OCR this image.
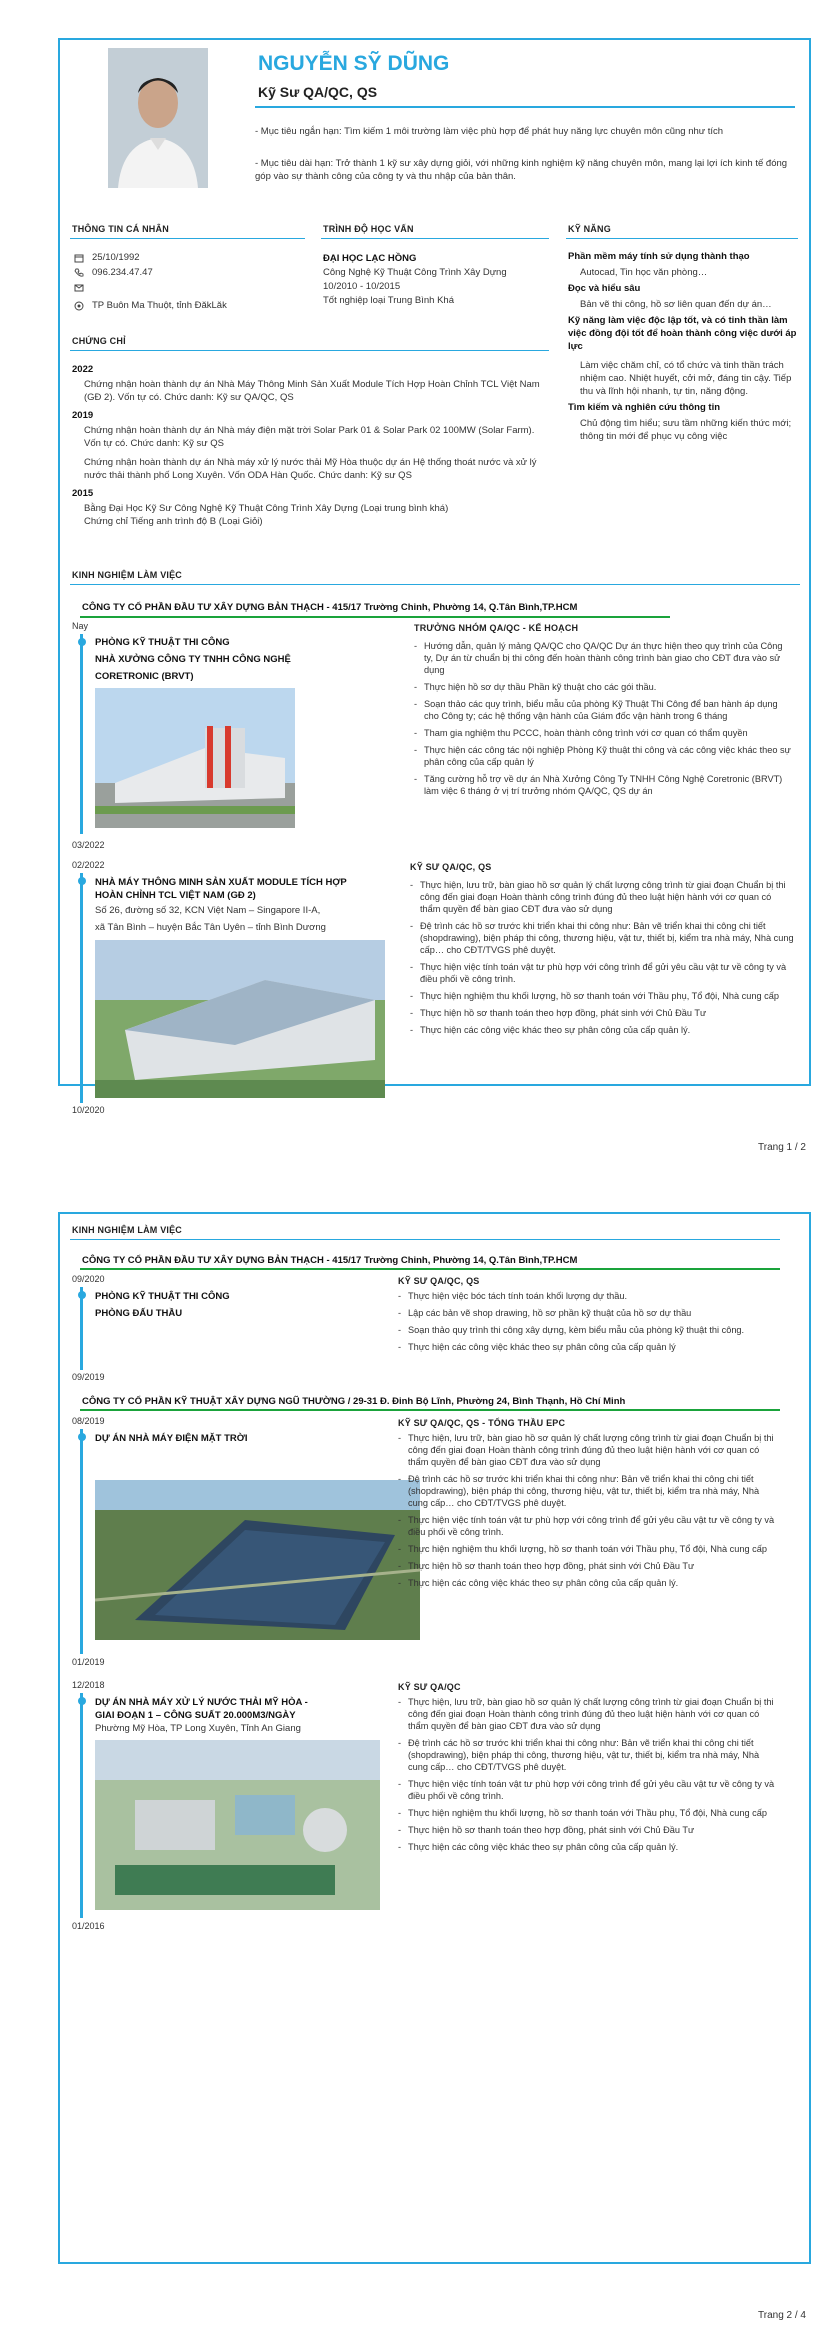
NGUYỄN SỸ DŨNG
Kỹ Sư QA/QC, QS
- Mục tiêu ngắn hạn: Tìm kiếm 1 môi trường làm việc phù hợp để phát huy năng lực chuyên môn cũng như tích
- Mục tiêu dài hạn: Trở thành 1 kỹ sư xây dựng giỏi, với những kinh nghiệm kỹ năng chuyên môn, mang lại lợi ích kinh tế đóng góp vào sự thành công của công ty và thu nhập của bản thân.
THÔNG TIN CÁ NHÂN
25/10/1992
096.234.47.47
TP Buôn Ma Thuột, tỉnh ĐăkLăk
TRÌNH ĐỘ HỌC VẤN
ĐẠI HỌC LẠC HỒNG
Công Nghệ Kỹ Thuật Công Trình Xây Dựng
10/2010 - 10/2015
Tốt nghiệp loại Trung Bình Khá
KỸ NĂNG
Phần mềm máy tính sử dụng thành thạo
Autocad, Tin học văn phòng…
Đọc và hiểu sâu
Bản vẽ thi công, hồ sơ liên quan đến dự án…
Kỹ năng làm việc độc lập tốt, và có tinh thần làm việc đồng đội tốt để hoàn thành công việc dưới áp lực
Làm việc chăm chỉ, có tổ chức và tinh thần trách nhiệm cao. Nhiệt huyết, cởi mở, đáng tin cậy. Tiếp thu và lĩnh hội nhanh, tự tin, năng động.
Tìm kiếm và nghiên cứu thông tin
Chủ động tìm hiểu; sưu tầm những kiến thức mới; thông tin mới để phục vụ công việc
CHỨNG CHỈ
2022
Chứng nhận hoàn thành dự án Nhà Máy Thông Minh Sản Xuất Module Tích Hợp Hoàn Chỉnh TCL Việt Nam (GĐ 2). Vốn tự có. Chức danh: Kỹ sư QA/QC, QS
2019
Chứng nhận hoàn thành dự án Nhà máy điện mặt trời Solar Park 01 & Solar Park 02 100MW (Solar Farm). Vốn tự có. Chức danh: Kỹ sư QS
Chứng nhận hoàn thành dự án Nhà máy xử lý nước thải Mỹ Hòa thuộc dự án Hệ thống thoát nước và xử lý nước thải thành phố Long Xuyên. Vốn ODA Hàn Quốc. Chức danh: Kỹ sư QS
2015
Bằng Đại Học Kỹ Sư Công Nghệ Kỹ Thuật Công Trình Xây Dựng (Loại trung bình khá)
Chứng chỉ Tiếng anh trình độ B (Loại Giỏi)
KINH NGHIỆM LÀM VIỆC
CÔNG TY CỔ PHẦN ĐẦU TƯ XÂY DỰNG BẢN THẠCH - 415/17 Trường Chinh, Phường 14, Q.Tân Bình,TP.HCM
Nay
PHÒNG KỸ THUẬT THI CÔNG
NHÀ XƯỞNG CÔNG TY TNHH CÔNG NGHỆ
CORETRONIC (BRVT)
03/2022
TRƯỞNG NHÓM QA/QC - KẾ HOẠCH
- Hướng dẫn, quản lý mảng QA/QC cho QA/QC Dự án thực hiện theo quy trình của Công ty, Dự án từ chuẩn bị thi công đến hoàn thành công trình bàn giao cho CĐT đưa vào sử dụng
- Thực hiện hồ sơ dự thầu Phần kỹ thuật cho các gói thầu.
- Soạn thảo các quy trình, biểu mẫu của phòng Kỹ Thuật Thi Công để ban hành áp dụng cho Công ty; các hệ thống vận hành của Giám đốc vận hành trong 6 tháng
- Tham gia nghiệm thu PCCC, hoàn thành công trình với cơ quan có thẩm quyền
- Thực hiện các công tác nội nghiệp Phòng Kỹ thuật thi công và các công việc khác theo sự phân công của cấp quản lý
- Tăng cường hỗ trợ về dự án Nhà Xưởng Công Ty TNHH Công Nghệ Coretronic (BRVT) làm việc 6 tháng ở vị trí trưởng nhóm QA/QC, QS dự án
02/2022
NHÀ MÁY THÔNG MINH SẢN XUẤT MODULE TÍCH HỢP
HOÀN CHỈNH TCL VIỆT NAM (GĐ 2)
Số 26, đường số 32, KCN Việt Nam – Singapore II-A,
xã Tân Bình – huyện Bắc Tân Uyên – tỉnh Bình Dương
10/2020
KỸ SƯ QA/QC, QS
- Thực hiện, lưu trữ, bàn giao hồ sơ quản lý chất lượng công trình từ giai đoạn Chuẩn bị thi công đến giai đoạn Hoàn thành công trình đúng đủ theo luật hiện hành với cơ quan có thẩm quyền để bàn giao CĐT đưa vào sử dụng
- Đệ trình các hồ sơ trước khi triển khai thi công như: Bản vẽ triển khai thi công chi tiết (shopdrawing), biện pháp thi công, thương hiệu, vật tư, thiết bị, kiểm tra nhà máy, Nhà cung cấp… cho CĐT/TVGS phê duyệt.
- Thực hiện việc tính toán vật tư phù hợp với công trình để gửi yêu cầu vật tư về công ty và điều phối về công trình.
- Thực hiện nghiệm thu khối lượng, hồ sơ thanh toán với Thầu phụ, Tổ đội, Nhà cung cấp
- Thực hiện hồ sơ thanh toán theo hợp đồng, phát sinh với Chủ Đầu Tư
- Thực hiện các công việc khác theo sự phân công của cấp quản lý.
Trang 1 / 2
KINH NGHIỆM LÀM VIỆC
CÔNG TY CỔ PHẦN ĐẦU TƯ XÂY DỰNG BẢN THẠCH - 415/17 Trường Chinh, Phường 14, Q.Tân Bình,TP.HCM
09/2020
PHÒNG KỸ THUẬT THI CÔNG
PHÒNG ĐẤU THẦU
09/2019
KỸ SƯ QA/QC, QS
- Thực hiện việc bóc tách tính toán khối lượng dự thầu.
- Lập các bản vẽ shop drawing, hồ sơ phần kỹ thuật của hồ sơ dự thầu
- Soạn thảo quy trình thi công xây dựng, kèm biểu mẫu của phòng kỹ thuật thi công.
- Thực hiện các công việc khác theo sự phân công của cấp quản lý
CÔNG TY CỔ PHẦN KỸ THUẬT XÂY DỰNG NGŨ THƯỜNG / 29-31 Đ. Đinh Bộ Lĩnh, Phường 24, Bình Thạnh, Hồ Chí Minh
08/2019
DỰ ÁN NHÀ MÁY ĐIỆN MẶT TRỜI
01/2019
KỸ SƯ QA/QC, QS - TỔNG THẦU EPC
- Thực hiện, lưu trữ, bàn giao hồ sơ quản lý chất lượng công trình từ giai đoạn Chuẩn bị thi công đến giai đoạn Hoàn thành công trình đúng đủ theo luật hiện hành với cơ quan có thẩm quyền để bàn giao CĐT đưa vào sử dụng
- Đệ trình các hồ sơ trước khi triển khai thi công như: Bản vẽ triển khai thi công chi tiết (shopdrawing), biện pháp thi công, thương hiệu, vật tư, thiết bị, kiểm tra nhà máy, Nhà cung cấp… cho CĐT/TVGS phê duyệt.
- Thực hiện việc tính toán vật tư phù hợp với công trình để gửi yêu cầu vật tư về công ty và điều phối về công trình.
- Thực hiện nghiệm thu khối lượng, hồ sơ thanh toán với Thầu phụ, Tổ đội, Nhà cung cấp
- Thực hiện hồ sơ thanh toán theo hợp đồng, phát sinh với Chủ Đầu Tư
- Thực hiện các công việc khác theo sự phân công của cấp quản lý.
12/2018
DỰ ÁN NHÀ MÁY XỬ LÝ NƯỚC THẢI MỸ HÒA -
GIAI ĐOẠN 1 – CÔNG SUẤT 20.000M3/NGÀY
Phường Mỹ Hòa, TP Long Xuyên, Tỉnh An Giang
01/2016
KỸ SƯ QA/QC
- Thực hiện, lưu trữ, bàn giao hồ sơ quản lý chất lượng công trình từ giai đoạn Chuẩn bị thi công đến giai đoạn Hoàn thành công trình đúng đủ theo luật hiện hành với cơ quan có thẩm quyền để bàn giao CĐT đưa vào sử dụng
- Đệ trình các hồ sơ trước khi triển khai thi công như: Bản vẽ triển khai thi công chi tiết (shopdrawing), biện pháp thi công, thương hiệu, vật tư, thiết bị, kiểm tra nhà máy, Nhà cung cấp… cho CĐT/TVGS phê duyệt.
- Thực hiện việc tính toán vật tư phù hợp với công trình để gửi yêu cầu vật tư về công ty và điều phối về công trình.
- Thực hiện nghiệm thu khối lượng, hồ sơ thanh toán với Thầu phụ, Tổ đội, Nhà cung cấp
- Thực hiện hồ sơ thanh toán theo hợp đồng, phát sinh với Chủ Đầu Tư
- Thực hiện các công việc khác theo sự phân công của cấp quản lý.
Trang 2 / 4
